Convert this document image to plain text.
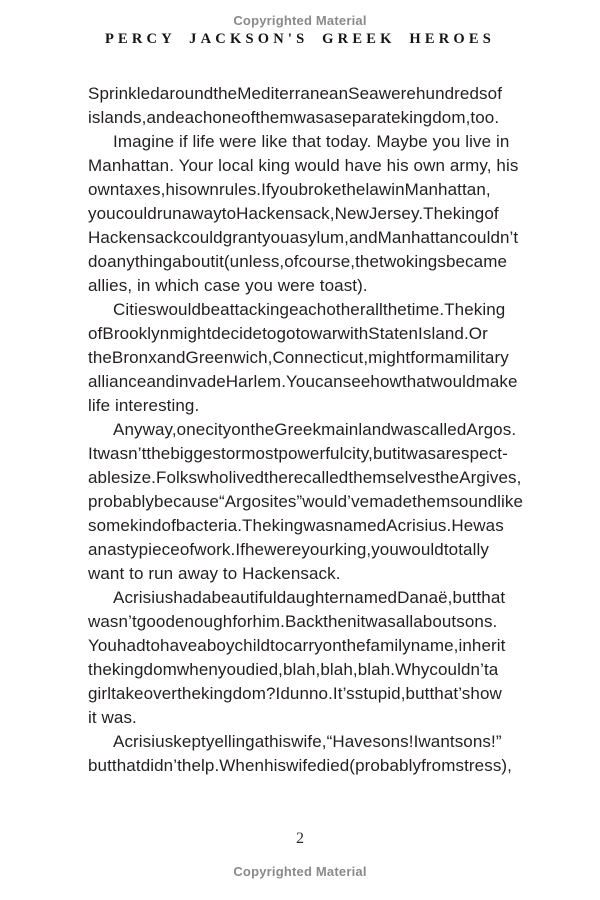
Copyrighted Material
PERCY JACKSON'S GREEK HEROES
SprinkledaroundtheMediterraneanSeawerehundredsof
islands,andeachoneofthemwasaseparatekingdom,too.
Imagine if life were like that today. Maybe you live in
Manhattan. Your local king would have his own army, his
owntaxes,hisownrules.IfyoubrokethelawinManhattan,
youcouldrunawaytoHackensack,NewJersey.Thekingof
Hackensackcouldgrantyouasylum,andManhattancouldn’t
doanythingaboutit(unless,ofcourse,thetwokingsbecame
allies, in which case you were toast).
Citieswouldbeattackingeachotherallthetime.Theking
ofBrooklynmightdecidetogotowarwithStatenIsland.Or
theBronxandGreenwich,Connecticut,mightformamilitary
allianceandinvadeHarlem.Youcanseehowthatwouldmake
life interesting.
Anyway,onecityontheGreekmainlandwascalledArgos.
Itwasn’tthebiggestormostpowerfulcity,butitwasarespect-
ablesize.FolkswholivedtherecalledthemselvestheArgives,
probablybecause“Argosites”would’vemadethemsoundlike
somekindofbacteria.ThekingwasnamedAcrisius.Hewas
anastypieceofwork.Ifhewereyourking,youwouldtotally
want to run away to Hackensack.
AcrisiushadabeautifuldaughternamedDanaë,butthat
wasn’tgoodenoughforhim.Backthenitwasallaboutsons.
Youhadtohaveaboychildtocarryonthefamilyname,inherit
thekingdomwhenyoudied,blah,blah,blah.Whycouldn’ta
girltakeoverthekingdom?Idunno.It’sstupid,butthat’show
it was.
Acrisiuskeptyellingathiswife,“Havesons!Iwantsons!”
butthatdidn’thelp.Whenhiswifedied(probablyfromstress),
2
Copyrighted Material
